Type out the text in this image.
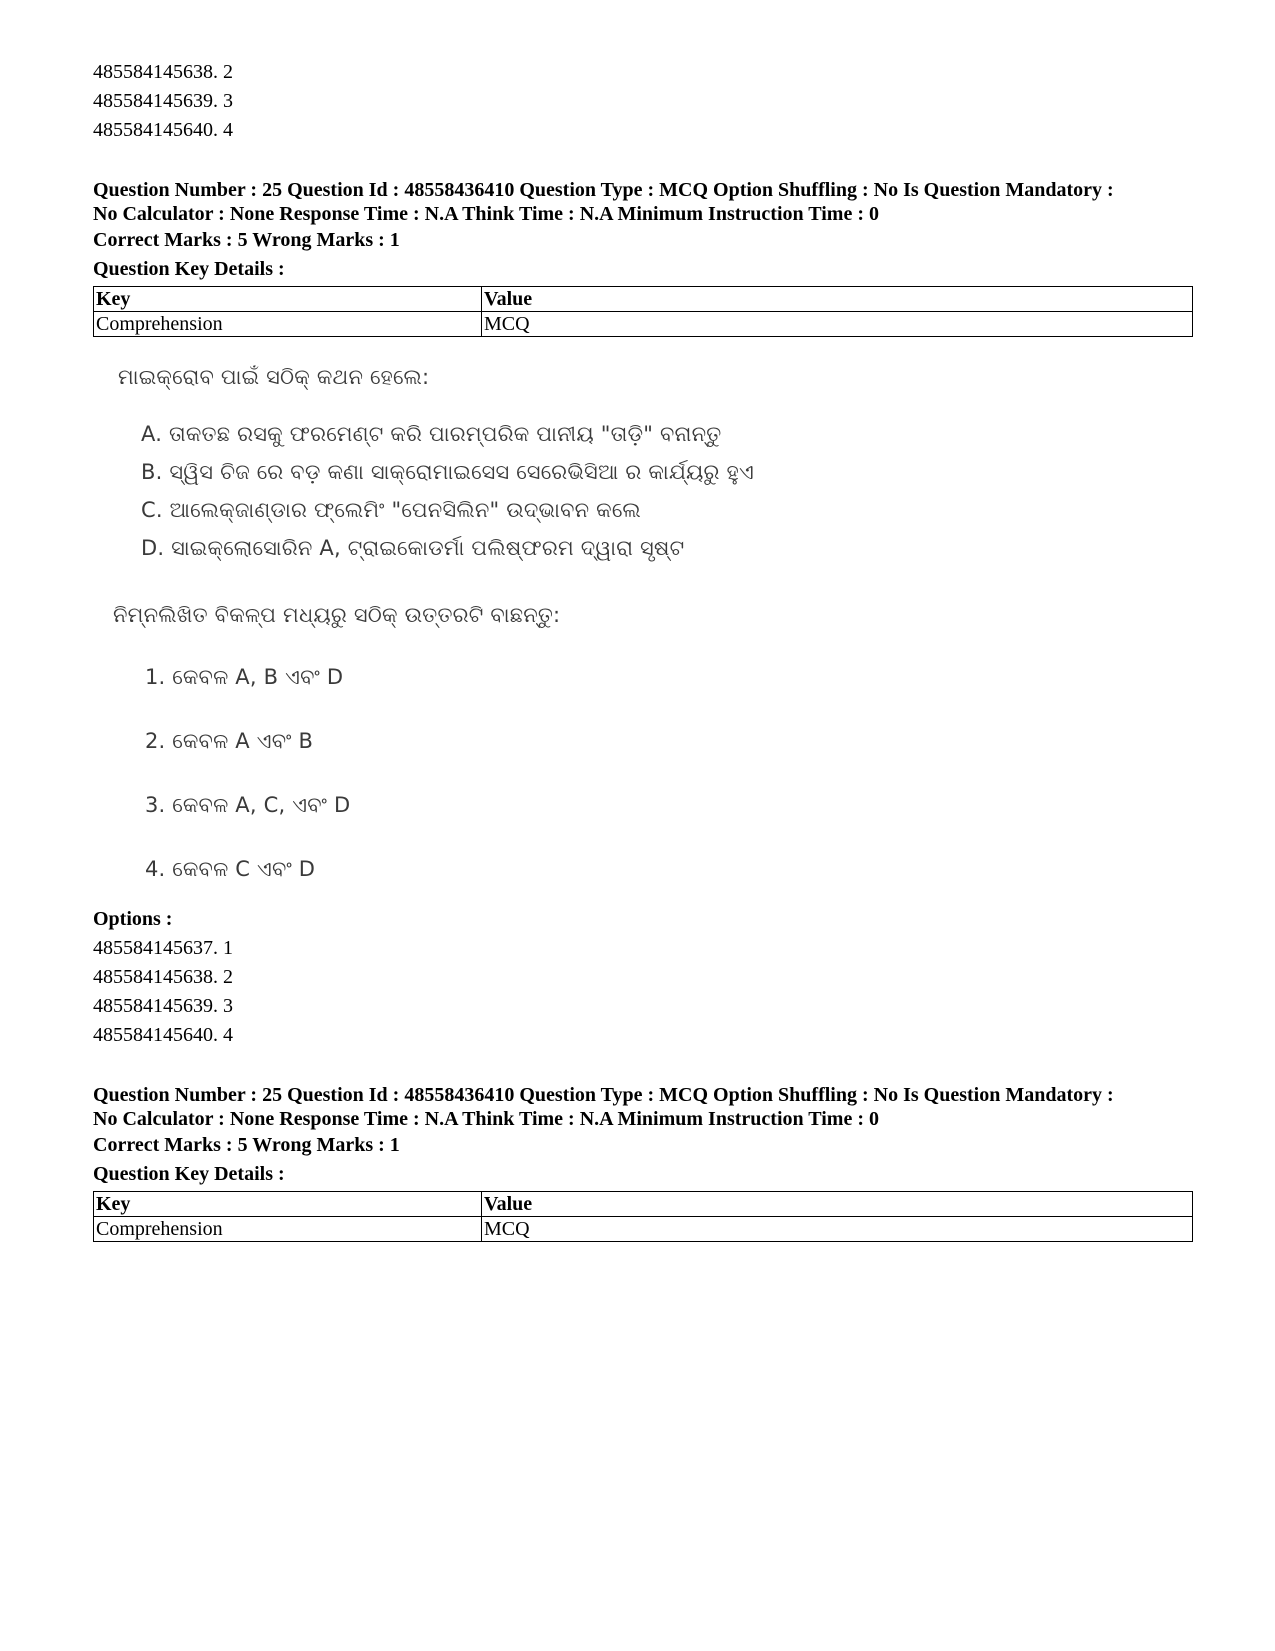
485584145638. 2
485584145639. 3
485584145640. 4
Question Number : 25 Question Id : 48558436410 Question Type : MCQ Option Shuffling : No Is Question Mandatory :
No Calculator : None Response Time : N.A Think Time : N.A Minimum Instruction Time : 0
Correct Marks : 5 Wrong Marks : 1
Question Key Details :
Key	Value
Comprehension	MCQ
ମାଇକ୍ରୋବ ପାଇଁ ସଠିକ୍ କଥନ ହେଲେ:
A. ତାକତଛ ରସକୁ ଫରମେଣ୍ଟ କରି ପାରମ୍ପରିକ ପାନୀୟ "ତାଡ଼ି" ବନାନ୍ତୁ
B. ସ୍ୱିସ ଚିଜ ରେ ବଡ଼ କଣା ସାକ୍ରୋମାଇସେସ ସେରେଭିସିଆ ର କାର୍ଯ୍ୟରୁ ହୁଏ
C. ଆଲେକ୍ଜାଣ୍ଡାର ଫ୍ଲେମିଂ "ପେନସିଲିନ" ଉଦ୍ଭାବନ କଲେ
D. ସାଇକ୍ଲୋସୋରିନ A, ଟ୍ରାଇକୋଡର୍ମା ପଲିଷ୍ଫରମ ଦ୍ୱାରା ସୃଷ୍ଟ
ନିମ୍ନଲିଖିତ ବିକଳ୍ପ ମଧ୍ୟରୁ ସଠିକ୍ ଉତ୍ତରଟି ବାଛନ୍ତୁ:
1. କେବଳ A, B ଏବଂ D
2. କେବଳ A ଏବଂ B
3. କେବଳ A, C, ଏବଂ D
4. କେବଳ C ଏବଂ D
Options :
485584145637. 1
485584145638. 2
485584145639. 3
485584145640. 4
Question Number : 25 Question Id : 48558436410 Question Type : MCQ Option Shuffling : No Is Question Mandatory :
No Calculator : None Response Time : N.A Think Time : N.A Minimum Instruction Time : 0
Correct Marks : 5 Wrong Marks : 1
Question Key Details :
Key	Value
Comprehension	MCQ
